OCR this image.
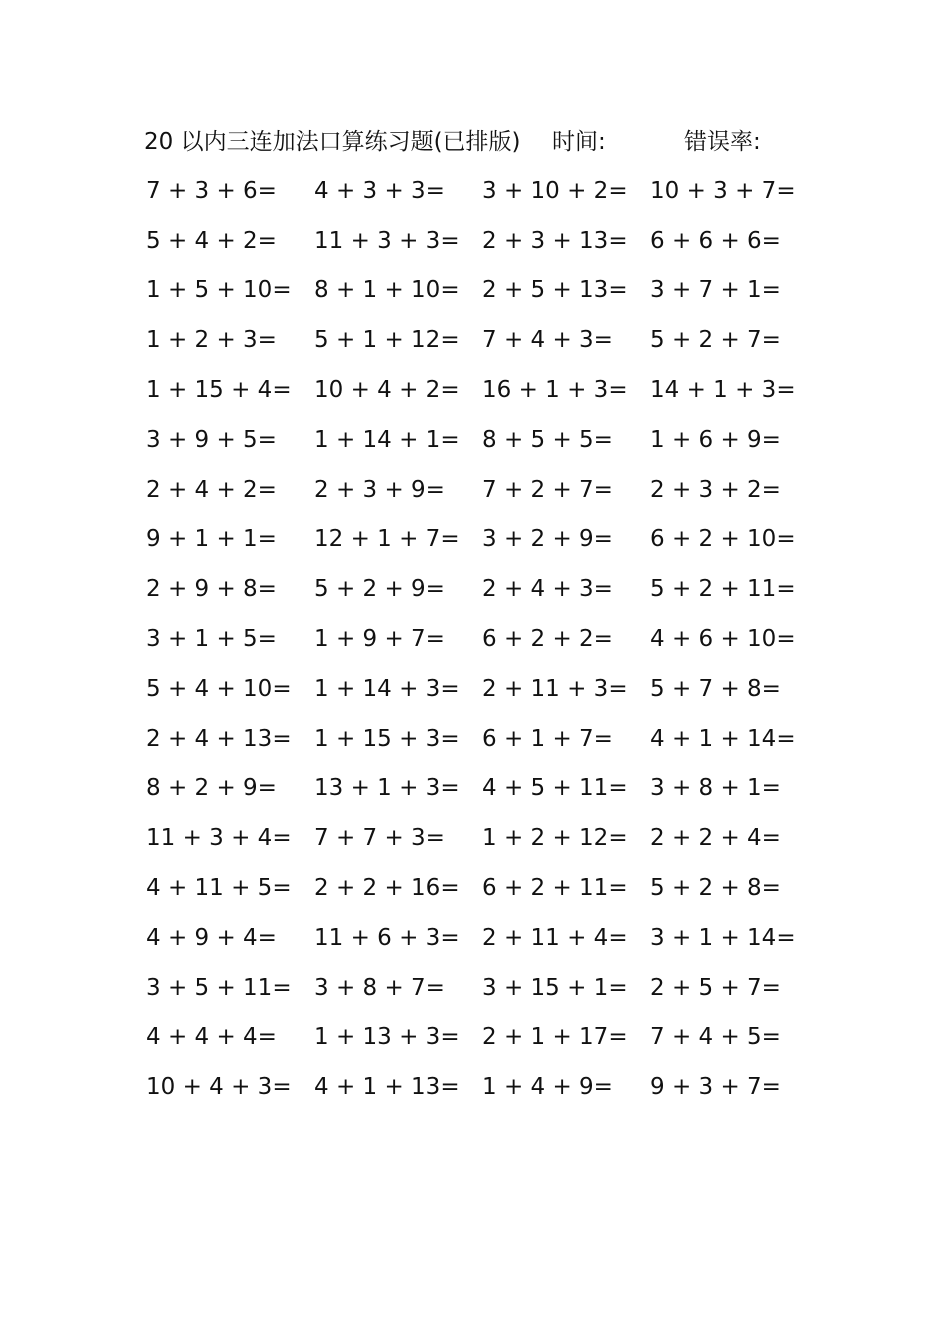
20 以内三连加法口算练习题(已排版) 时间:	错误率:
7 + 3 + 6=	4 + 3 + 3=	3 + 10 + 2= 10 + 3 + 7=
5 + 4 + 2=	11 + 3 + 3= 2 + 3 + 13= 6 + 6 + 6=
1 + 5 + 10= 8 + 1 + 10= 2 + 5 + 13= 3 + 7 + 1=
1 + 2 + 3=	5 + 1 + 12= 7 + 4 + 3=	5 + 2 + 7=
1 + 15 + 4= 10 + 4 + 2= 16 + 1 + 3= 14 + 1 + 3=
3 + 9 + 5=	1 + 14 + 1= 8 + 5 + 5=	1 + 6 + 9=
2 + 4 + 2=	2 + 3 + 9=	7 + 2 + 7=	2 + 3 + 2=
9 + 1 + 1=	12 + 1 + 7= 3 + 2 + 9=	6 + 2 + 10=
2 + 9 + 8=	5 + 2 + 9=	2 + 4 + 3=	5 + 2 + 11=
3 + 1 + 5=	1 + 9 + 7=	6 + 2 + 2=	4 + 6 + 10=
5 + 4 + 10= 1 + 14 + 3= 2 + 11 + 3= 5 + 7 + 8=
2 + 4 + 13= 1 + 15 + 3= 6 + 1 + 7=	4 + 1 + 14=
8 + 2 + 9=	13 + 1 + 3= 4 + 5 + 11= 3 + 8 + 1=
11 + 3 + 4= 7 + 7 + 3=	1 + 2 + 12= 2 + 2 + 4=
4 + 11 + 5= 2 + 2 + 16= 6 + 2 + 11= 5 + 2 + 8=
4 + 9 + 4=	11 + 6 + 3= 2 + 11 + 4= 3 + 1 + 14=
3 + 5 + 11= 3 + 8 + 7=	3 + 15 + 1= 2 + 5 + 7=
4 + 4 + 4=	1 + 13 + 3= 2 + 1 + 17= 7 + 4 + 5=
10 + 4 + 3= 4 + 1 + 13= 1 + 4 + 9=	9 + 3 + 7=
